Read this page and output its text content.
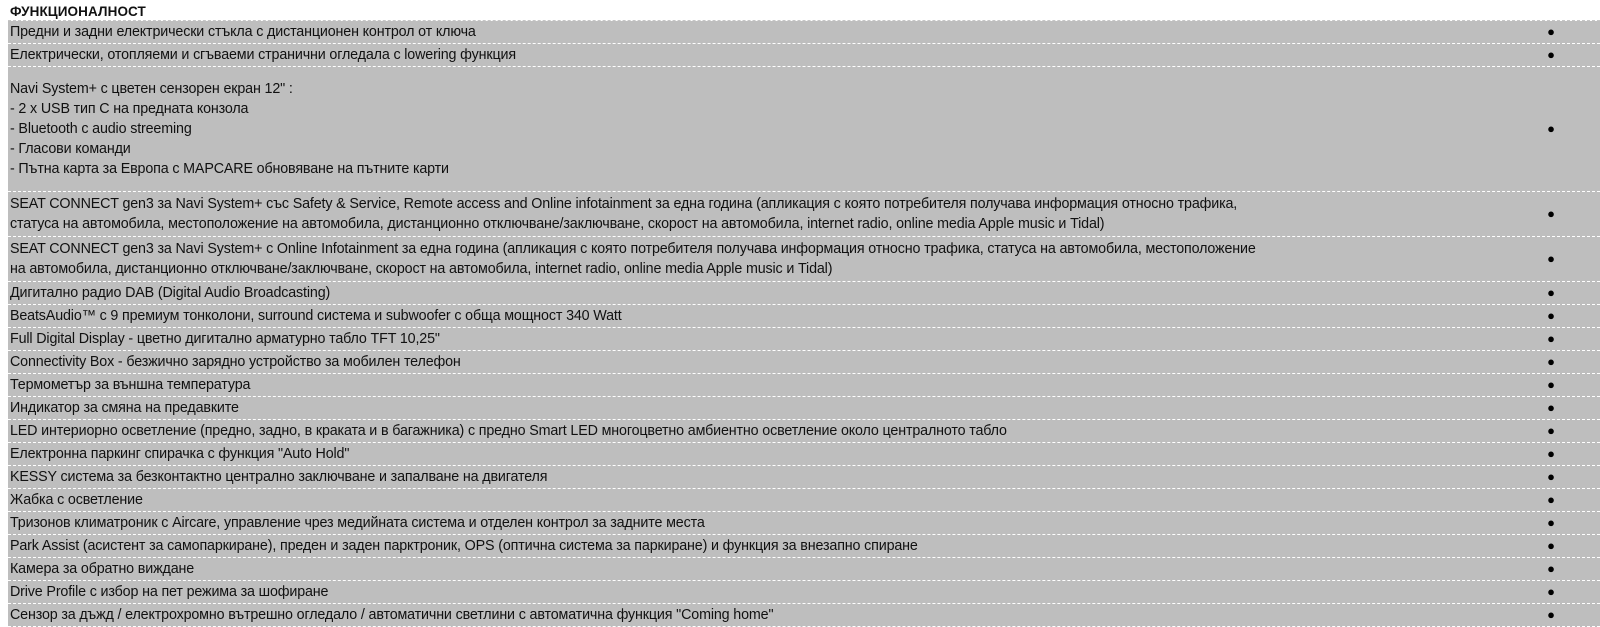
ФУНКЦИОНАЛНОСТ
Предни и задни електрически стъкла с дистанционен контрол от ключа	●
Електрически, отопляеми и сгъваеми странични огледала с lowering функция	●
Navi System+ с цветен сензорен екран 12" :
- 2 x USB тип С на предната конзола
- Bluetooth с audio streeming
- Гласови команди
- Пътна карта за Европа с MAPCARE обновяване на пътните карти
●
SEAT CONNECT gen3 за Navi System+ със Safety & Service, Remote access and Online infotainment за една година (апликация с която потребителя получава информация относно трафика,
статуса на автомобила, местоположение на автомобила, дистанционно отключване/заключване, скорост на автомобила, internet radio, online media Apple music и Tidal)
●
SEAT CONNECT gen3 за Navi System+ с Online Infotainment за една година (апликация с която потребителя получава информация относно трафика, статуса на автомобила, местоположение
на автомобила, дистанционно отключване/заключване, скорост на автомобила, internet radio, online media Apple music и Tidal)
●
Дигитално радио DAB (Digital Audio Broadcasting)	●
BeatsAudio™ с 9 премиум тонколони, surround система и subwoofer с обща мощност 340 Watt	●
Full Digital Display - цветно дигитално арматурно табло TFT 10,25"	●
Connectivity Box - безжично зарядно устройство за мобилен телефон	●
Термометър за външна температура	●
Индикатор за смяна на предавките	●
LED интериорно осветление (предно, задно, в краката и в багажника) с предно Smart LED многоцветно амбиентно осветление около централното табло	●
Електронна паркинг спирачка с функция "Auto Hold"	●
KESSY система за безконтактно централно заключване и запалване на двигателя	●
Жабка с осветление	●
Тризонов климатроник с Aircare, управление чрез медийната система и отделен контрол за задните места	●
Park Assist (асистент за самопаркиране), преден и заден парктроник, OPS (оптична система за паркиране) и функция за внезапно спиране	●
Камера за обратно виждане	●
Drive Profile с избор на пет режима за шофиране	●
Сензор за дъжд / електрохромно вътрешно огледало / автоматични светлини с автоматична функция "Coming home"	●
